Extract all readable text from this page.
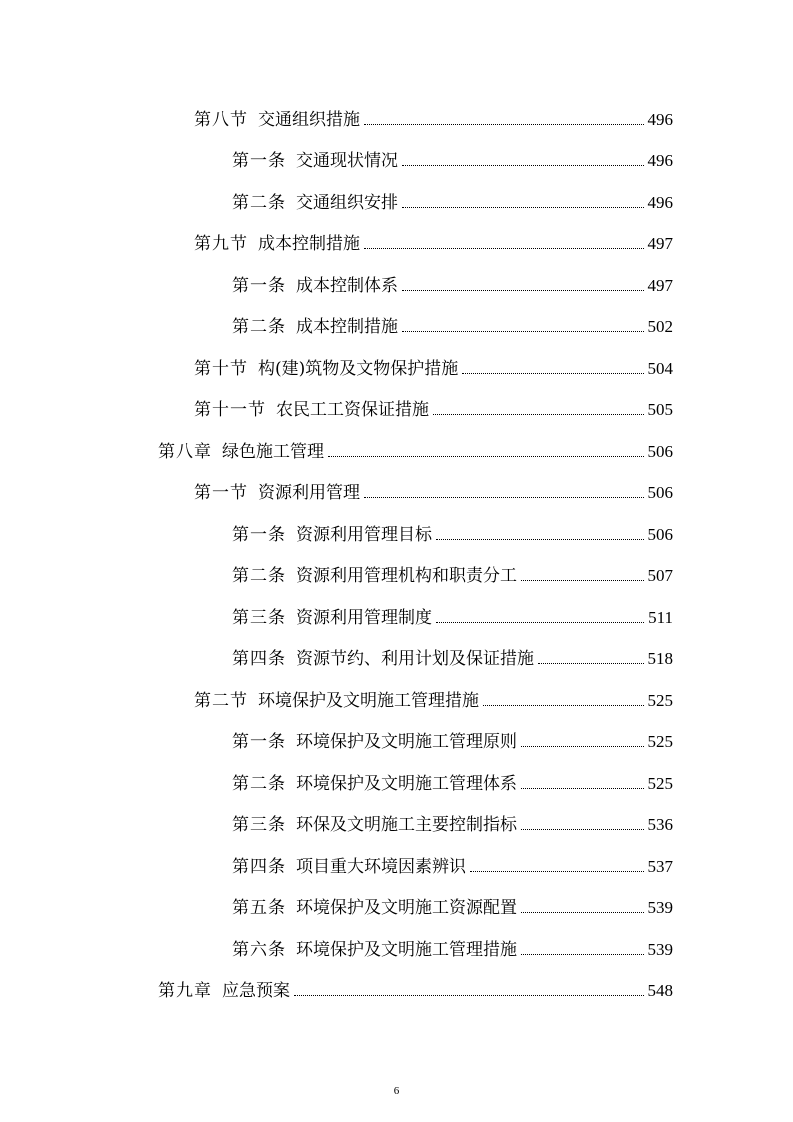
第八节 交通组织措施	496
第一条 交通现状情况	496
第二条 交通组织安排	496
第九节 成本控制措施	497
第一条 成本控制体系	497
第二条 成本控制措施	502
第十节 构(建)筑物及文物保护措施	504
第十一节 农民工工资保证措施	505
第八章 绿色施工管理	506
第一节 资源利用管理	506
第一条 资源利用管理目标	506
第二条 资源利用管理机构和职责分工	507
第三条 资源利用管理制度	511
第四条 资源节约、利用计划及保证措施	518
第二节 环境保护及文明施工管理措施	525
第一条 环境保护及文明施工管理原则	525
第二条 环境保护及文明施工管理体系	525
第三条 环保及文明施工主要控制指标	536
第四条 项目重大环境因素辨识	537
第五条 环境保护及文明施工资源配置	539
第六条 环境保护及文明施工管理措施	539
第九章 应急预案	548
6
